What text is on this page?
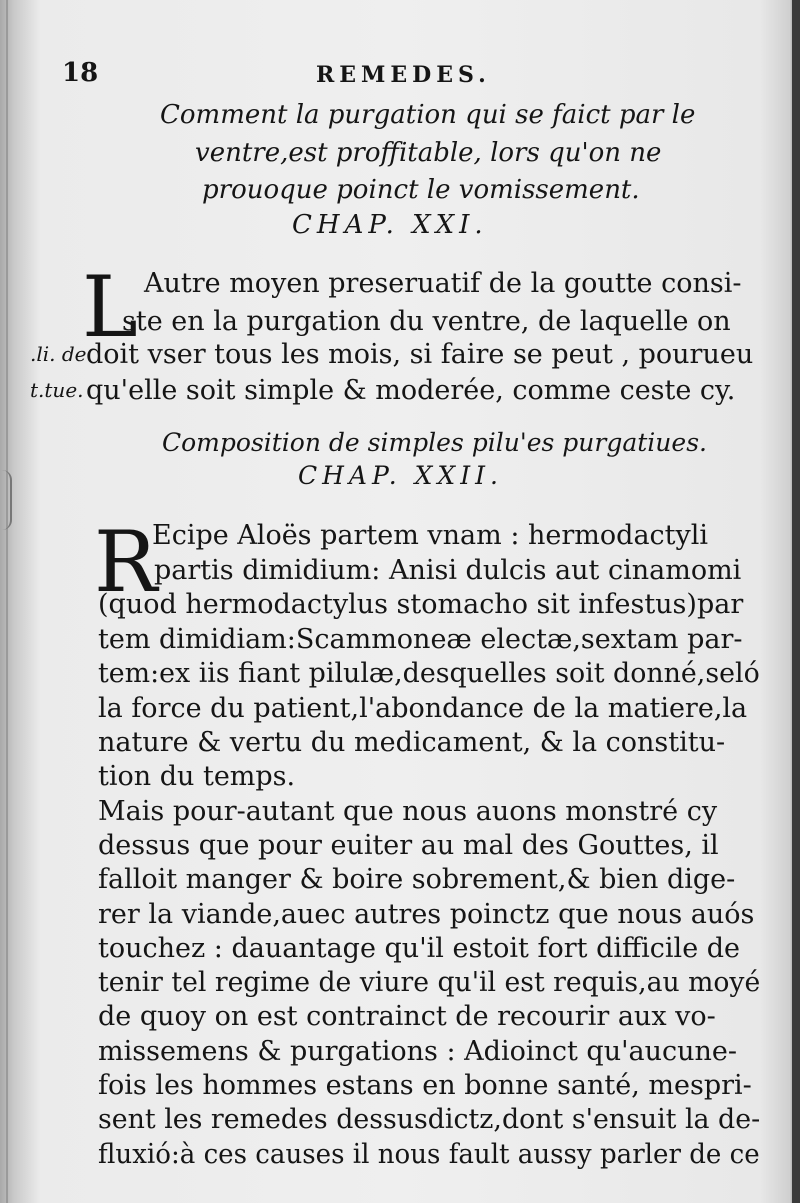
18	REMEDES.
Comment la purgation qui se faict par le
ventre,est proffitable, lors qu'on ne
prouoque poinct le vomissement.
CHAP. XXI.
L Autre moyen preseruatif de la goutte consi-
ste en la purgation du ventre, de laquelle on
doit vser tous les mois, si faire se peut , pourueu
qu'elle soit simple & moderée, comme ceste cy.
.li. de
t.tue.
Composition de simples pilu'es purgatiues.
CHAP. XXII.
R
Ecipe Aloës partem vnam : hermodactyli
partis dimidium: Anisi dulcis aut cinamomi
(quod hermodactylus stomacho sit infestus)par
tem dimidiam:Scammoneæ electæ,sextam par-
tem:ex iis fiant pilulæ,desquelles soit donné,seló
la force du patient,l'abondance de la matiere,la
nature & vertu du medicament, & la constitu-
tion du temps.
Mais pour-autant que nous auons monstré cy
dessus que pour euiter au mal des Gouttes, il
falloit manger & boire sobrement,& bien dige-
rer la viande,auec autres poinctz que nous auós
touchez : dauantage qu'il estoit fort difficile de
tenir tel regime de viure qu'il est requis,au moyé
de quoy on est contrainct de recourir aux vo-
missemens & purgations : Adioinct qu'aucune-
fois les hommes estans en bonne santé, mespri-
sent les remedes dessusdictz,dont s'ensuit la de-
fluxió:à ces causes il nous fault aussy parler de ce
